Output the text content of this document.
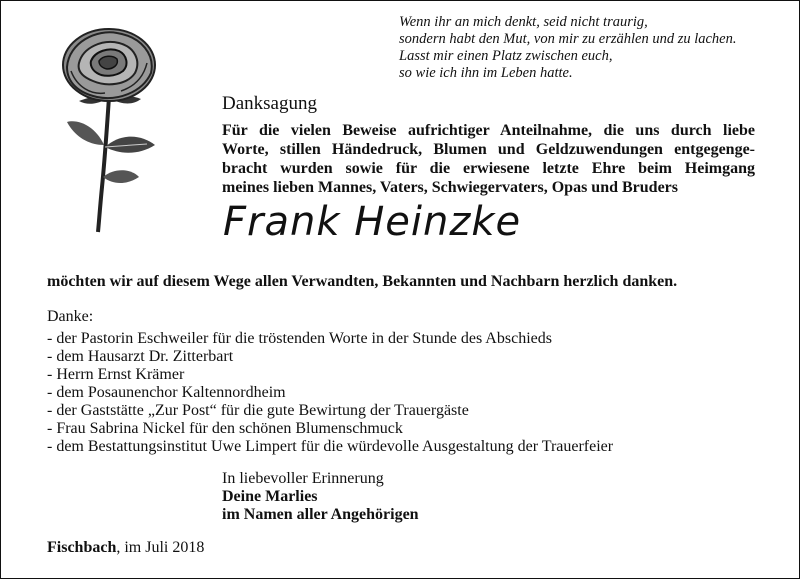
Wenn ihr an mich denkt, seid nicht traurig,
sondern habt den Mut, von mir zu erzählen und zu lachen.
Lasst mir einen Platz zwischen euch,
so wie ich ihn im Leben hatte.
Danksagung
Für die vielen Beweise aufrichtiger Anteilnahme, die uns durch liebe
Worte, stillen Händedruck, Blumen und Geldzuwendungen entgegenge-
bracht wurden sowie für die erwiesene letzte Ehre beim Heimgang
meines lieben Mannes, Vaters, Schwiegervaters, Opas und Bruders
Frank Heinzke
möchten wir auf diesem Wege allen Verwandten, Bekannten und Nachbarn herzlich danken.
Danke:
- der Pastorin Eschweiler für die tröstenden Worte in der Stunde des Abschieds
- dem Hausarzt Dr. Zitterbart
- Herrn Ernst Krämer
- dem Posaunenchor Kaltennordheim
- der Gaststätte „Zur Post“ für die gute Bewirtung der Trauergäste
- Frau Sabrina Nickel für den schönen Blumenschmuck
- dem Bestattungsinstitut Uwe Limpert für die würdevolle Ausgestaltung der Trauerfeier
In liebevoller Erinnerung
Deine Marlies
im Namen aller Angehörigen
Fischbach, im Juli 2018
